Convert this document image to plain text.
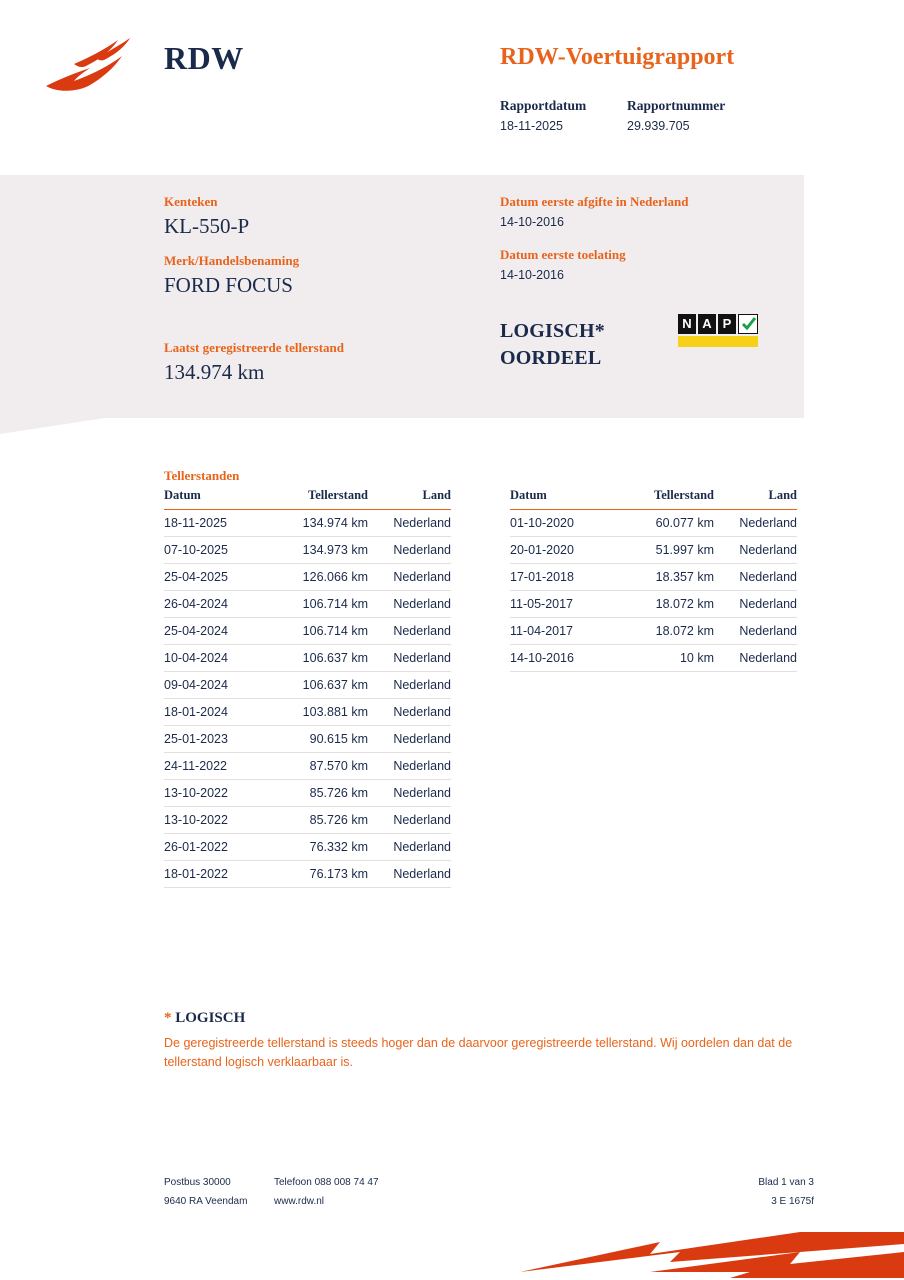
RDW	RDW-Voertuigrapport
Rapportdatum
18-11-2025
Rapportnummer
29.939.705
Kenteken
KL-550-P
Merk/Handelsbenaming
FORD FOCUS
Laatst geregistreerde tellerstand
134.974 km
Datum eerste afgifte in Nederland
14-10-2016
Datum eerste toelating
14-10-2016
LOGISCH*
OORDEEL
N A P
Tellerstanden
Datum	Tellerstand	Land
18-11-2025	134.974 km	Nederland
07-10-2025	134.973 km	Nederland
25-04-2025	126.066 km	Nederland
26-04-2024	106.714 km	Nederland
25-04-2024	106.714 km	Nederland
10-04-2024	106.637 km	Nederland
09-04-2024	106.637 km	Nederland
18-01-2024	103.881 km	Nederland
25-01-2023	90.615 km	Nederland
24-11-2022	87.570 km	Nederland
13-10-2022	85.726 km	Nederland
13-10-2022	85.726 km	Nederland
26-01-2022	76.332 km	Nederland
18-01-2022	76.173 km	Nederland
Datum	Tellerstand	Land
01-10-2020	60.077 km	Nederland
20-01-2020	51.997 km	Nederland
17-01-2018	18.357 km	Nederland
11-05-2017	18.072 km	Nederland
11-04-2017	18.072 km	Nederland
14-10-2016	10 km	Nederland
* LOGISCH
De geregistreerde tellerstand is steeds hoger dan de daarvoor geregistreerde tellerstand. Wij oordelen dan dat de tellerstand logisch verklaarbaar is.
Postbus 30000
9640 RA Veendam
Telefoon 088 008 74 47
www.rdw.nl
Blad 1 van 3
3 E 1675f
